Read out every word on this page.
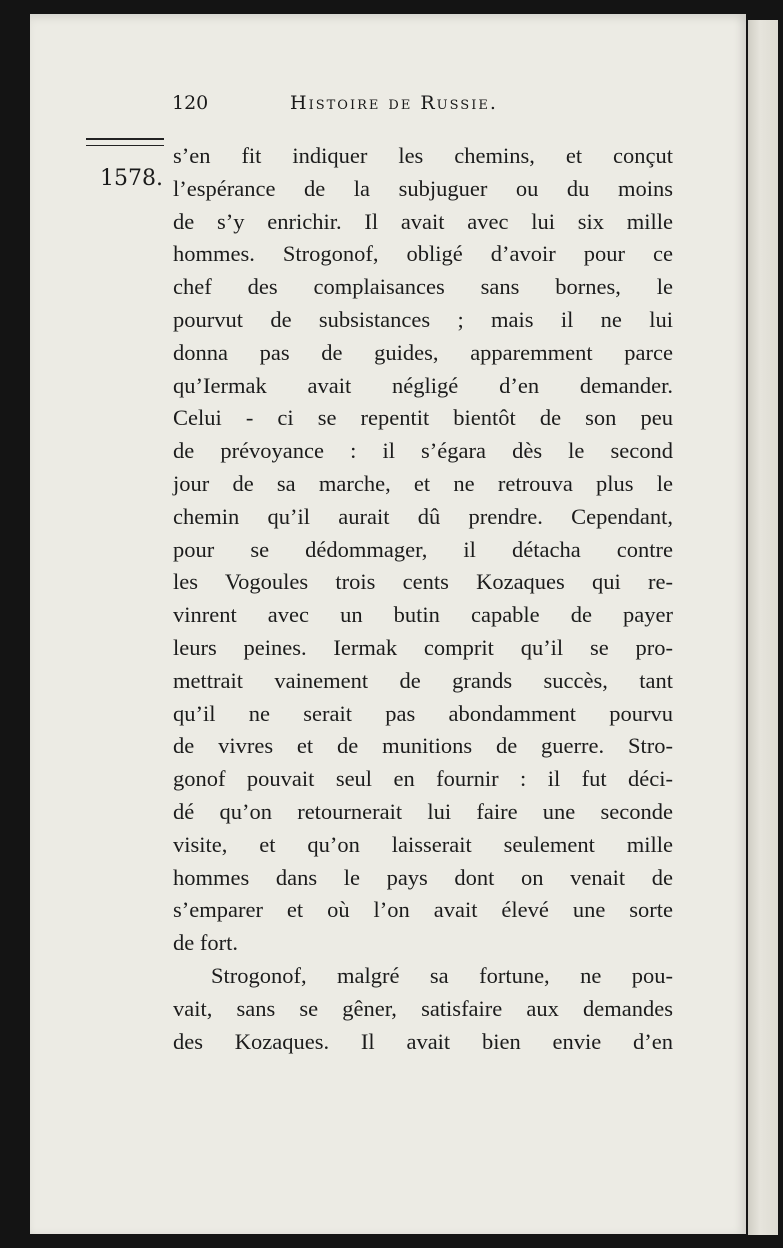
120	Histoire de Russie.
1578.
s’en fit indiquer les chemins, et conçut
l’espérance de la subjuguer ou du moins
de s’y enrichir. Il avait avec lui six mille
hommes. Strogonof, obligé d’avoir pour ce
chef des complaisances sans bornes, le
pourvut de subsistances ; mais il ne lui
donna pas de guides, apparemment parce
qu’Iermak avait négligé d’en demander.
Celui - ci se repentit bientôt de son peu
de prévoyance : il s’égara dès le second
jour de sa marche, et ne retrouva plus le
chemin qu’il aurait dû prendre. Cependant,
pour se dédommager, il détacha contre
les Vogoules trois cents Kozaques qui re-
vinrent avec un butin capable de payer
leurs peines. Iermak comprit qu’il se pro-
mettrait vainement de grands succès, tant
qu’il ne serait pas abondamment pourvu
de vivres et de munitions de guerre. Stro-
gonof pouvait seul en fournir : il fut déci-
dé qu’on retournerait lui faire une seconde
visite, et qu’on laisserait seulement mille
hommes dans le pays dont on venait de
s’emparer et où l’on avait élevé une sorte
de fort.
Strogonof, malgré sa fortune, ne pou-
vait, sans se gêner, satisfaire aux demandes
des Kozaques. Il avait bien envie d’en
